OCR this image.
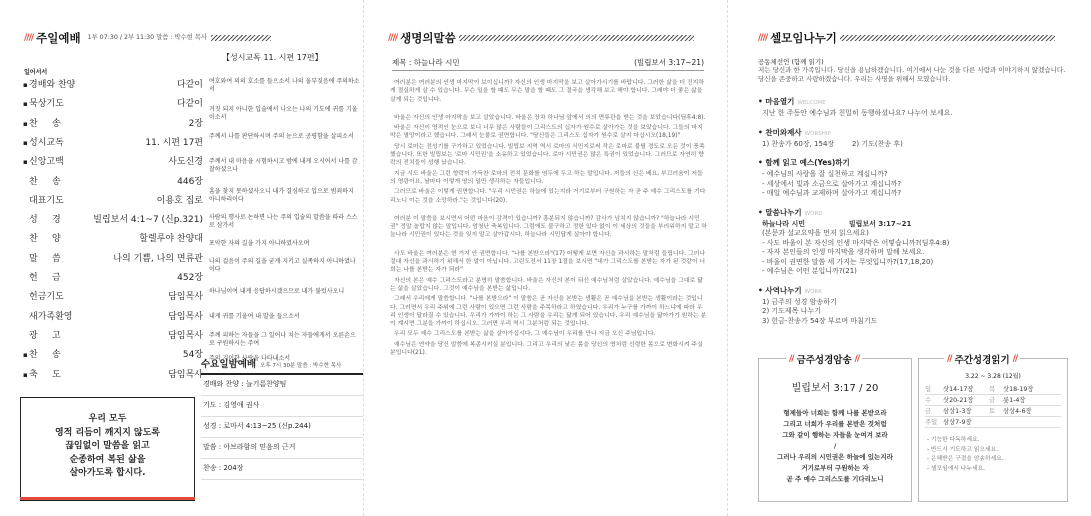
//// 주일예배 1부 07:30 / 2부 11:30 말씀 : 박수현 목사
【성시교독 11. 시편 17편】
일어서서
▪ 경배와 찬양	다같이
▪ 묵상기도	다같이
▪ 찬     송	2장
▪ 성시교독	11. 시편 17편
▪ 신앙고백	사도신경
찬     송	446장
대표기도	이용호 집로
성     경	빌립보서 4:1~7 (신p.321)
찬     양	할렐루야 찬양대
말     씀	나의 기쁨, 나의 면류관
헌     금	452장
헌금기도	담임목사
새가족환영	담임목사
광     고	담임목사
▪ 찬     송	54장
▪ 축     도	담임목사
여호와여 의의 호소를 들으소서 나의 울부짖음에 주의하소서
거짓 되지 아니한 입술에서 나오는 나의 기도에 귀를 기울이소서
주께서 나를 판단하시며 주의 눈으로 공평함을 살피소서
주께서 내 마음을 시험하시고 밤에 내게 오시어서 나를 감찰하셨으나
흠을 찾지 못하셨사오니 내가 결심하고 입으로 범죄하지 아니하리이다
사람의 행사로 논하면 나는 주의 입술의 말씀을 따라 스스로 삼가서
포악한 자의 길을 가지 아니하였사오며
나의 걸음이 주의 길을 굳게 지키고 실족하지 아니하였나이다
하나님이여 내게 응답하시겠으므로 내가 불렀사오니
내게 귀를 기울여 내 말을 들으소서
주께 피하는 자들을 그 일어나 치는 자들에게서 오른손으로 구원하시는 주여
주의 기이한 사랑을 나타내소서
우리 모두
영적 리듬이 깨지지 않도록
끊임없이 말씀을 읽고
순종하여 복된 삶을
살아가도록 합시다.
수요일밤예배 오후 7시 30분 말씀 : 박수현 목사
경배와 찬양 : 늘기름찬양팀
기도 : 김영애 권사
성경 : 로마서 4:13~25 (신p.244)
말씀 : 아브라함의 믿음의 근거
찬송 : 204장
//// 생명의말씀
제목 : 하늘나라 시민	(빌립보서 3:17~21)
여러분은 여러분의 인생 마지막이 보이십니까? 자신의 인생 마지막을 보고 살아가시기를 바랍니다. 그러한 삶을 더 진지하게 절실하게 살 수 있습니다. 무슨 일을 할 때도 무슨 말을 할 때도 그 결국을 생각해 보고 해야 합니다. 그래야 더 좋은 삶을 살게 되는 것입니다.
바울은 자신의 인생 마지막을 보고 살았습니다. 바울은 장차 하나님 앞에서 의의 면류관을 받는 것을 보았습니다(딤후4:8).
바울은 자신이 영적인 눈으로 보니 너무 많은 사람들이 그리스도의 십자가 원수로 살아가는 것을 보았습니다. 그들의 마지막은 멸망이라고 했습니다. 그래서 눈물로 권면합니다. "당신들은 그리스도 십자가 원수로 살지 마십시오(18,19)"
당시 로마는 전성기를 구가하고 있었습니다. 빌립보 지역 역시 로마의 식민지로써 작은 로마로 불릴 정도로 모든 것이 풍족했습니다. 또한 빌립보는 '로마 시민권'을 소유하고 있었습니다. 로마 시민권은 많은 특권이 있었습니다. 그러므로 자연히 향락의 전치들이 성행 났습니다.
지금 시도 바울은 그런 향락이 가득찬 로마의 전치 문화를 염두에 두고 하는 말입니다. 저들의 신은 배요, 부끄러움이 저들의 영광이요, 날마다 이렇게 땅의 일만 생각하는 자들입니다.
그러므로 바울은 이렇게 권면합니다. "우리 시민권은 하늘에 있는지라 거기로부터 구원하는 자 곧 주 예수 그리스도를 기다리노니 이는 것을 소망하라."는 것입니다(20).
여러분 이 말씀을 보시면서 어떤 마음이 감격이 있습니까? 흥분되지 않습니까? 감사가 넘치지 않습니까? "하늘나라 시민권" 정말 놀랍지 않는 말입니다. 엄청난 축복입니다. 그럼에도 불구하고 정한 있다 없이 이 세상의 것들을 부러워하지 말고 하늘나라 시민권이 있다는 것을 잊지 말고 살아갑시다. 하늘나라 시민답게 살아야 합니다.
사도 바울은 여러분은 현 거지 안 권면합니다. "나를 본받으라"(17) 어떻게 보면 자신을 과시하는 말처럼 들립니다. 그러나 절대 자신을 과시하기 위해서 한 말이 아닙니다. 고린도전서 11장 1절을 보시면 "내가 그리스도를 본받는 자가 된 것같이 너희는 나를 본받는 자가 되라"
자신의 본은 예수 그리스도라고 분명히 말씀합니다. 바울은 자신의 본이 되신 예수님처럼 살았습니다. 예수님을 그대로 닮는 삶을 살았습니다. 그것이 예수님을 본받는 삶입니다.
그래서 우리에게 말씀합니다. "나를 본받으라" 이 말씀은 곧 자신을 본받는 생활은 곧 예수님을 본받는 생활이라는 것입니다. 그러면서 우리 주위에 그런 사람이 있으면 그런 사람을 주목하라고 하였습니다. 우리가 누구를 가까이 하느냐에 따라 우리 인생이 달라질 수 있습니다. 우리가 가까이 하는 그 사람을 우리는 닮게 되어 있습니다. 우리 예수님을 닮아가기 원하는 분이 계시면 그분을 가까이 하십시오. 그러면 우리 역시 그분처럼 되는 것입니다.
우리 모두 예수 그리스도를 본받는 삶을 살아가십시다. 그 예수님이 우리를 만나 지금 오신 주님입니다.
예수님은 연약을 당신 말씀에 복종시키실 분입니다. 그리고 우리의 낮은 몸을 당신의 영처럼 신령한 몸으로 변화시켜 주실 분입니다(21).
//// 셀모임나누기
공동체선언 (함께 읽기)
저는 당신과 한 가족입니다. 당신을 용납하겠습니다. 여기에서 나눈 것을 다른 사람과 이야기하지 않겠습니다. 당신을 존중하고 사랑하겠습니다. 우리는 사명을 위해서 모였습니다.
• 마음열기 WELCOME
지난 한 주동안 예수님과 친밀히 동행하셨나요? 나누어 보세요.
• 찬미와제사 WORSHIP
1) 찬송가 60장, 154장        2) 기도(찬송 후)
• 함께 읽고 예스(Yes)하기
- 예수님의 사랑을 잘 실천하고 계십니까?
- 세상에서 빛과 소금으로 살아가고 계십니까?
- 매일 예수님과 교제하며 살아가고 계십니까?
• 말씀나누기 WORD
하늘나라 시민                  빌립보서 3:17~21
(본문과 설교요약을 먼저 읽으세요)
- 사도 바울이 본 자신의 인생 마지막은 어떻습니까?(딤후4:8)
- 자자 본인들의 인생 마지막을 생각하며 말해 보세요.
- 바울이 권면한 말씀 세 가지는 무엇입니까?(17,18,20)
- 예수님은 어떤 분입니까?(21)
• 사역나누기 WORK
1) 금주의 성경 암송하기
2) 기도제목 나누기
3) 헌금-찬송가 54장 부르며 마침기도
빌립보서 3:17 / 20
형제들아 너희는 함께 나를 본받으라
그리고 너희가 우리를 본받은 것처럼
그와 같이 행하는 자들을 눈여겨 보라
/
그러나 우리의 시민권은 하늘에 있는지라
거기로부터 구원하는 자
곧 주 예수 그리스도를 기다리노니
// 금주성경암송 //
3.22 ~ 3.28 (12월)
일	삿14-17장	목	삿18-19장
수	삿20-21장	금	룻1-4장
금	삼상1-3장	토	삼상4-6장
주일 삼상7-9장
- 기능한 다독하세요.
- 반드시 기도하고 읽으세요.
- 은혜받은 구절을 암송하세요.
- 셀모임에서 나누세요.
// 주간성경읽기 //
